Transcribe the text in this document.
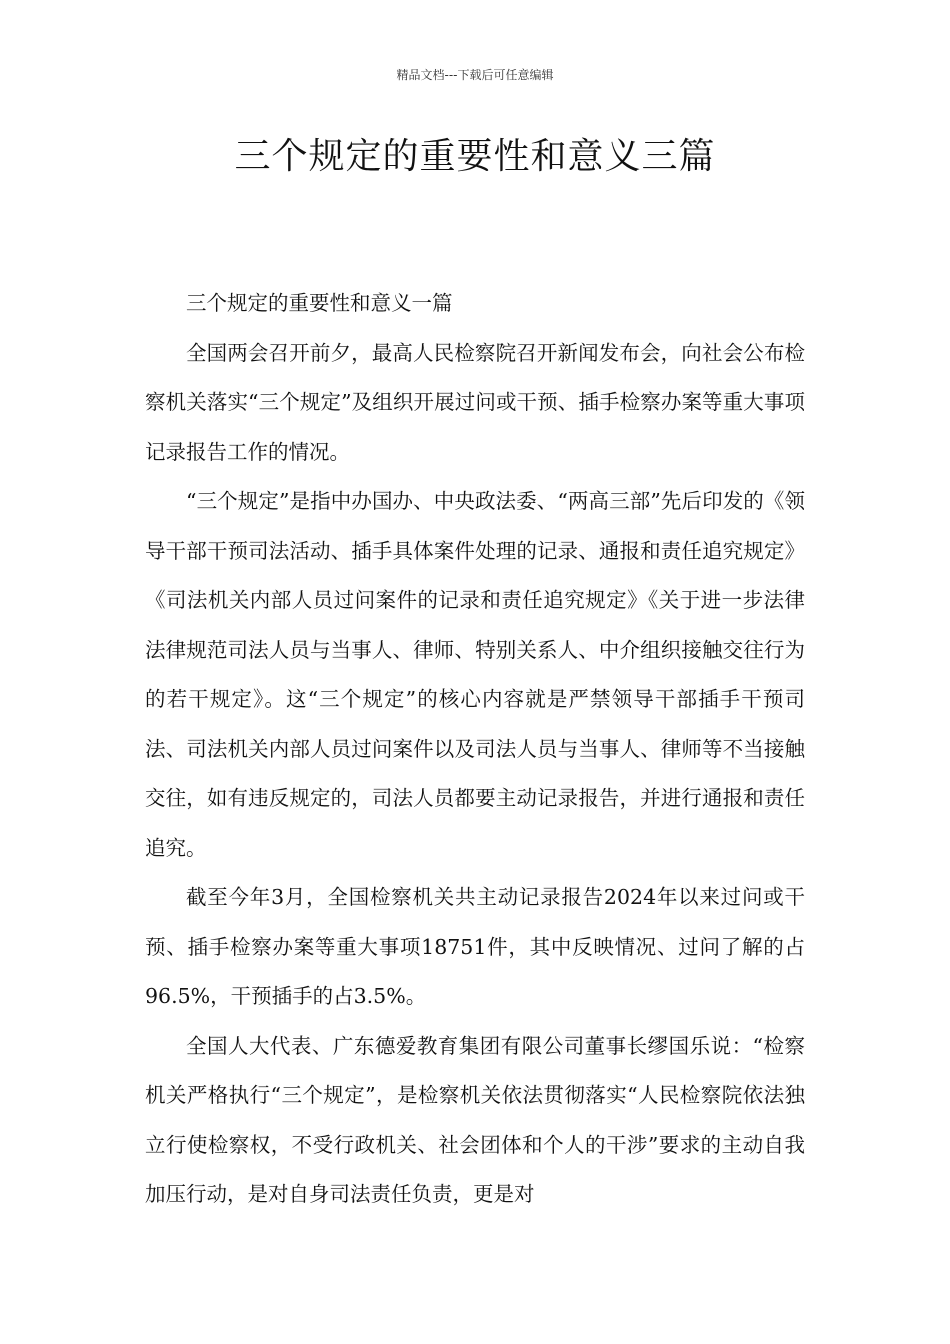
精品文档---下载后可任意编辑
三个规定的重要性和意义三篇

三个规定的重要性和意义一篇

全国两会召开前夕，最高人民检察院召开新闻发布会，向社会公布检察机关落实“三个规定”及组织开展过问或干预、插手检察办案等重大事项记录报告工作的情况。

“三个规定”是指中办国办、中央政法委、“两高三部”先后印发的《领导干部干预司法活动、插手具体案件处理的记录、通报和责任追究规定》《司法机关内部人员过问案件的记录和责任追究规定》《关于进一步法律法律规范司法人员与当事人、律师、特别关系人、中介组织接触交往行为的若干规定》。这“三个规定”的核心内容就是严禁领导干部插手干预司法、司法机关内部人员过问案件以及司法人员与当事人、律师等不当接触交往，如有违反规定的，司法人员都要主动记录报告，并进行通报和责任追究。

截至今年3月，全国检察机关共主动记录报告2024年以来过问或干预、插手检察办案等重大事项18751件，其中反映情况、过问了解的占96.5%，干预插手的占3.5%。

全国人大代表、广东德爱教育集团有限公司董事长缪国乐说：“检察机关严格执行“三个规定”，是检察机关依法贯彻落实“人民检察院依法独立行使检察权，不受行政机关、社会团体和个人的干涉”要求的主动自我加压行动，是对自身司法责任负责，更是对
